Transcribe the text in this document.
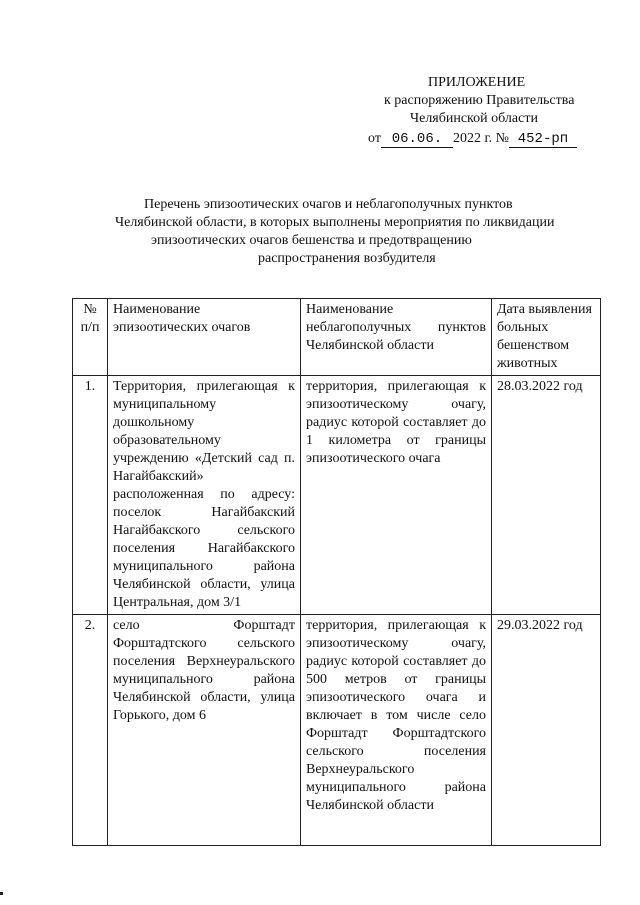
ПРИЛОЖЕНИЕ
к распоряжению Правительства
Челябинской области
от 06.06. 2022 г. № 452-рп
Перечень эпизоотических очагов и неблагополучных пунктов
Челябинской области, в которых выполнены мероприятия по ликвидации
эпизоотических очагов бешенства и предотвращению
распространения возбудителя
№ п/п	Наименование эпизоотических очагов	Наименование неблагополучных пунктов Челябинской области	Дата выявления больных бешенством животных
1.	Территория, прилегающая к муниципальному дошкольному образовательному учреждению «Детский сад п. Нагайбакский» расположенная по адресу: поселок Нагайбакский Нагайбакского сельского поселения Нагайбакского муниципального района Челябинской области, улица Центральная, дом 3/1	территория, прилегающая к эпизоотическому очагу, радиус которой составляет до 1 километра от границы эпизоотического очага	28.03.2022 год
2.	село Форштадт Форштадтского сельского поселения Верхнеуральского муниципального района Челябинской области, улица Горького, дом 6	территория, прилегающая к эпизоотическому очагу, радиус которой составляет до 500 метров от границы эпизоотического очага и включает в том числе село Форштадт Форштадтского сельского поселения Верхнеуральского муниципального района Челябинской области	29.03.2022 год
